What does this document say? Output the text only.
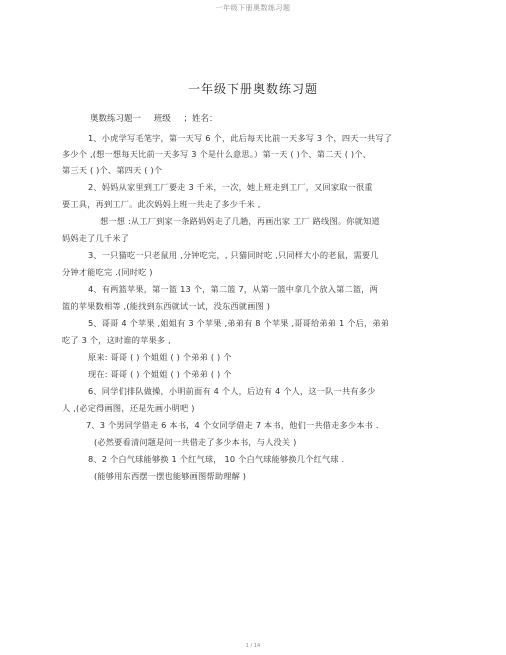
一年级下册奥数练习题
一年级下册奥数练习题
奥数练习题一 班级 ；姓名：
1、小虎学写毛笔字，第一天写 6 个，此后每天比前一天多写 3 个，四天一共写了
多少个 ,(想一想每天比前一天多写 3 个是什么意思。）第一天 ( )个、第二天 ( )个、
第三天 ( )个、第四天 ( )个
2、妈妈从家里到工厂要走 3 千米，一次，她上班走到工厂，又回家取一很重
要工具，再到工厂。此次妈妈上班一共走了多少千米 ,
想一想 :从工厂到家一条路妈妈走了几趟，再画出家 工厂 路线图。你就知道
妈妈走了几千米了
3、一只猫吃一只老鼠用 ,分钟吃完，, 只猫同时吃 ,只同样大小的老鼠，需要几
分钟才能吃完 .(同时吃 )
4、有两篮苹果，第一篮 13 个，第二篮 7，从第一篮中拿几个放入第二篮，两
篮的苹果数相等 ,(能找到东西就试一试，没东西就画图 )
5、哥哥 4 个苹果 ,姐姐有 3 个苹果 ,弟弟有 8 个苹果 ,哥哥给弟弟 1 个后，弟弟
吃了 3 个，这时谁的苹果多 ,
原来: 哥哥 ( ) 个姐姐 ( ) 个弟弟 ( ) 个
现在: 哥哥 ( ) 个姐姐 ( ) 个弟弟 ( ) 个
6、同学们排队做操，小明前面有 4 个人，后边有 4 个人，这一队一共有多少
人 ,(必定得画图，还是先画小明吧 )
7、3 个男同学借走 6 本书，4 个女同学借走 7 本书，他们一共借走多少本书 .
(必然要看清问题是问一共借走了多少本书，与人没关 )
8、2 个白气球能够换 1 个红气球， 10 个白气球能够换几个红气球 .
(能够用东西摆一摆也能够画图帮助理解 )
1 / 14
